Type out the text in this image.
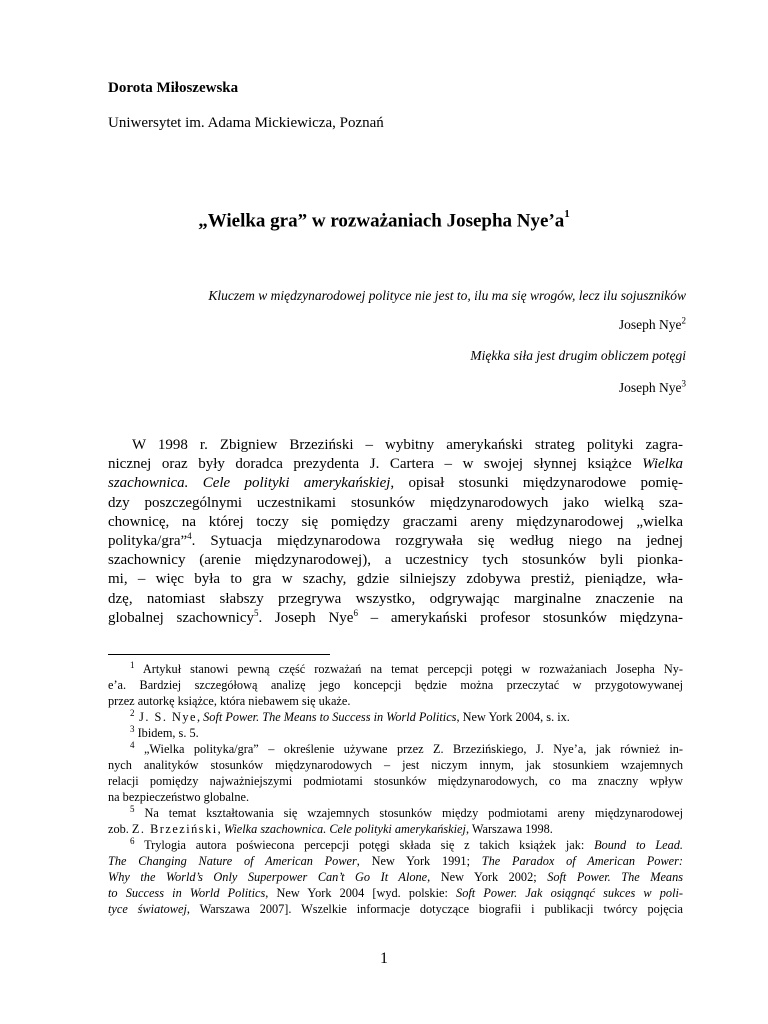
Dorota Miłoszewska
Uniwersytet im. Adama Mickiewicza, Poznań
„Wielka gra” w rozważaniach Josepha $Nye’a^1$
Kluczem w międzynarodowej polityce nie jest to, ilu ma się wrogów, lecz ilu sojuszników
Joseph Nye$^2$
Miękka siła jest drugim obliczem potęgi
Joseph Nye$^3$
W 1998 r. Zbigniew Brzeziński – wybitny amerykański strateg polityki zagra-
nicznej oraz były doradca prezydenta J. Cartera – w swojej słynnej książce Wielka
szachownica. Cele polityki amerykańskiej, opisał stosunki międzynarodowe pomię-
dzy poszczególnymi uczestnikami stosunków międzynarodowych jako wielką sza-
chownicę, na której toczy się pomiędzy graczami areny międzynarodowej „wielka
polityka/gra”$^4$. Sytuacja międzynarodowa rozgrywała się według niego na jednej
szachownicy (arenie międzynarodowej), a uczestnicy tych stosunków byli pionka-
mi, – więc była to gra w szachy, gdzie silniejszy zdobywa prestiż, pieniądze, wła-
dzę, natomiast słabszy przegrywa wszystko, odgrywając marginalne znaczenie na
globalnej szachownicy$^5$. Joseph Nye$^6$ – amerykański profesor stosunków międzyna-
$^1$ Artykuł stanowi pewną część rozważań na temat percepcji potęgi w rozważaniach Josepha Ny-
e’a. Bardziej szczegółową analizę jego koncepcji będzie można przeczytać w przygotowywanej
przez autorkę książce, która niebawem się ukaże.
$^2$ J. S. Nye, Soft Power. The Means to Success in World Politics, New York 2004, s. ix.
$^3$ Ibidem, s. 5.
$^4$ „Wielka polityka/gra” – określenie używane przez Z. Brzezińskiego, J. Nye’a, jak również in-
nych analityków stosunków międzynarodowych – jest niczym innym, jak stosunkiem wzajemnych
relacji pomiędzy najważniejszymi podmiotami stosunków międzynarodowych, co ma znaczny wpływ
na bezpieczeństwo globalne.
$^5$ Na temat kształtowania się wzajemnych stosunków między podmiotami areny międzynarodowej
zob. Z. Brzeziński, Wielka szachownica. Cele polityki amerykańskiej, Warszawa 1998.
$^6$ Trylogia autora poświecona percepcji potęgi składa się z takich książek jak: Bound to Lead.
The Changing Nature of American Power, New York 1991; The Paradox of American Power:
Why the World’s Only Superpower Can’t Go It Alone, New York 2002; Soft Power. The Means
to Success in World Politics, New York 2004 [wyd. polskie: Soft Power. Jak osiągnąć sukces w poli-
tyce światowej, Warszawa 2007]. Wszelkie informacje dotyczące biografii i publikacji twórcy pojęcia
1
